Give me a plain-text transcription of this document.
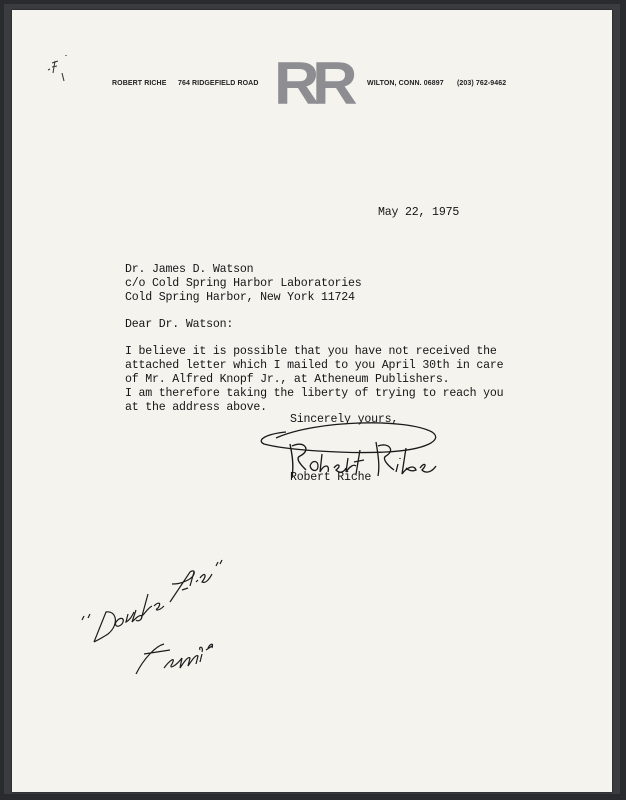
ROBERT RICHE 764 RIDGEFIELD ROAD RR WILTON, CONN. 06897 (203) 762-9462
May 22, 1975
Dr. James D. Watson
c/o Cold Spring Harbor Laboratories
Cold Spring Harbor, New York 11724
Dear Dr. Watson:
I believe it is possible that you have not received the
attached letter which I mailed to you April 30th in care
of Mr. Alfred Knopf Jr., at Atheneum Publishers.
I am therefore taking the liberty of trying to reach you
at the address above.
Sincerely yours,
Robert Riche
